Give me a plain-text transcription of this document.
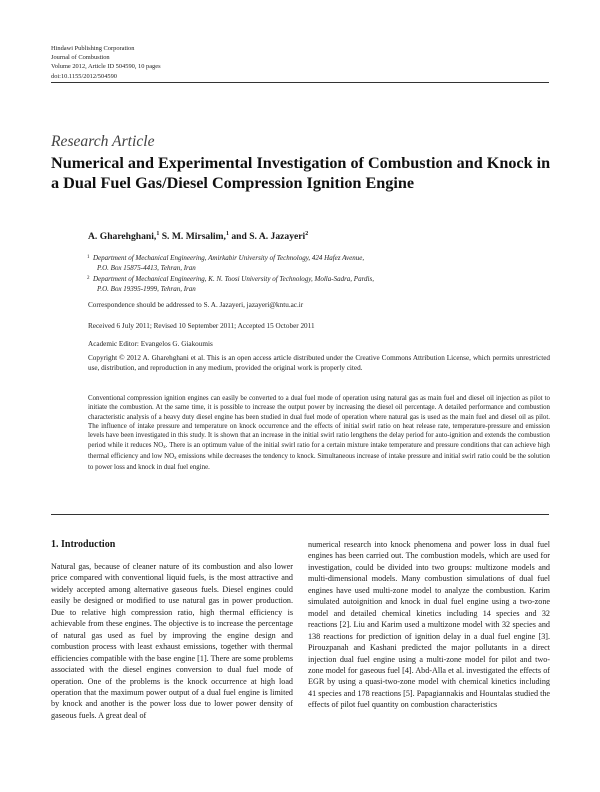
Hindawi Publishing Corporation
Journal of Combustion
Volume 2012, Article ID 504590, 10 pages
doi:10.1155/2012/504590
Research Article
Numerical and Experimental Investigation of Combustion and Knock in a Dual Fuel Gas/Diesel Compression Ignition Engine
A. Gharehghani,$^1$ S. M. Mirsalim,$^1$ and S. A. Jazayeri$^2$
1 Department of Mechanical Engineering, Amirkabir University of Technology, 424 Hafez Avenue,
P.O. Box 15875-4413, Tehran, Iran
2 Department of Mechanical Engineering, K. N. Toosi University of Technology, Molla-Sadra, Pardis,
P.O. Box 19395-1999, Tehran, Iran
Correspondence should be addressed to S. A. Jazayeri, jazayeri@kntu.ac.ir
Received 6 July 2011; Revised 10 September 2011; Accepted 15 October 2011
Academic Editor: Evangelos G. Giakoumis
Copyright © 2012 A. Gharehghani et al. This is an open access article distributed under the Creative Commons Attribution License, which permits unrestricted use, distribution, and reproduction in any medium, provided the original work is properly cited.
Conventional compression ignition engines can easily be converted to a dual fuel mode of operation using natural gas as main fuel and diesel oil injection as pilot to initiate the combustion. At the same time, it is possible to increase the output power by increasing the diesel oil percentage. A detailed performance and combustion characteristic analysis of a heavy duty diesel engine has been studied in dual fuel mode of operation where natural gas is used as the main fuel and diesel oil as pilot. The influence of intake pressure and temperature on knock occurrence and the effects of initial swirl ratio on heat release rate, temperature-pressure and emission levels have been investigated in this study. It is shown that an increase in the initial swirl ratio lengthens the delay period for auto-ignition and extends the combustion period while it reduces $NO_x$. There is an optimum value of the initial swirl ratio for a certain mixture intake temperature and pressure conditions that can achieve high thermal efficiency and low $NO_x$ emissions while decreases the tendency to knock. Simultaneous increase of intake pressure and initial swirl ratio could be the solution to power loss and knock in dual fuel engine.
1. Introduction
Natural gas, because of cleaner nature of its combustion and also lower price compared with conventional liquid fuels, is the most attractive and widely accepted among alternative gaseous fuels. Diesel engines could easily be designed or modified to use natural gas in power production. Due to relative high compression ratio, high thermal efficiency is achievable from these engines. The objective is to increase the percentage of natural gas used as fuel by improving the engine design and combustion process with least exhaust emissions, together with thermal efficiencies compatible with the base engine [1]. There are some problems associated with the diesel engines conversion to dual fuel mode of operation. One of the problems is the knock occurrence at high load operation that the maximum power output of a dual fuel engine is limited by knock and another is the power loss due to lower power density of gaseous fuels. A great deal of
numerical research into knock phenomena and power loss in dual fuel engines has been carried out. The combustion models, which are used for investigation, could be divided into two groups: multizone models and multi-dimensional models. Many combustion simulations of dual fuel engines have used multi-zone model to analyze the combustion. Karim simulated autoignition and knock in dual fuel engine using a two-zone model and detailed chemical kinetics including 14 species and 32 reactions [2]. Liu and Karim used a multizone model with 32 species and 138 reactions for prediction of ignition delay in a dual fuel engine [3]. Pirouzpanah and Kashani predicted the major pollutants in a direct injection dual fuel engine using a multi-zone model for pilot and two-zone model for gaseous fuel [4]. Abd-Alla et al. investigated the effects of EGR by using a quasi-two-zone model with chemical kinetics including 41 species and 178 reactions [5]. Papagiannakis and Hountalas studied the effects of pilot fuel quantity on combustion characteristics
